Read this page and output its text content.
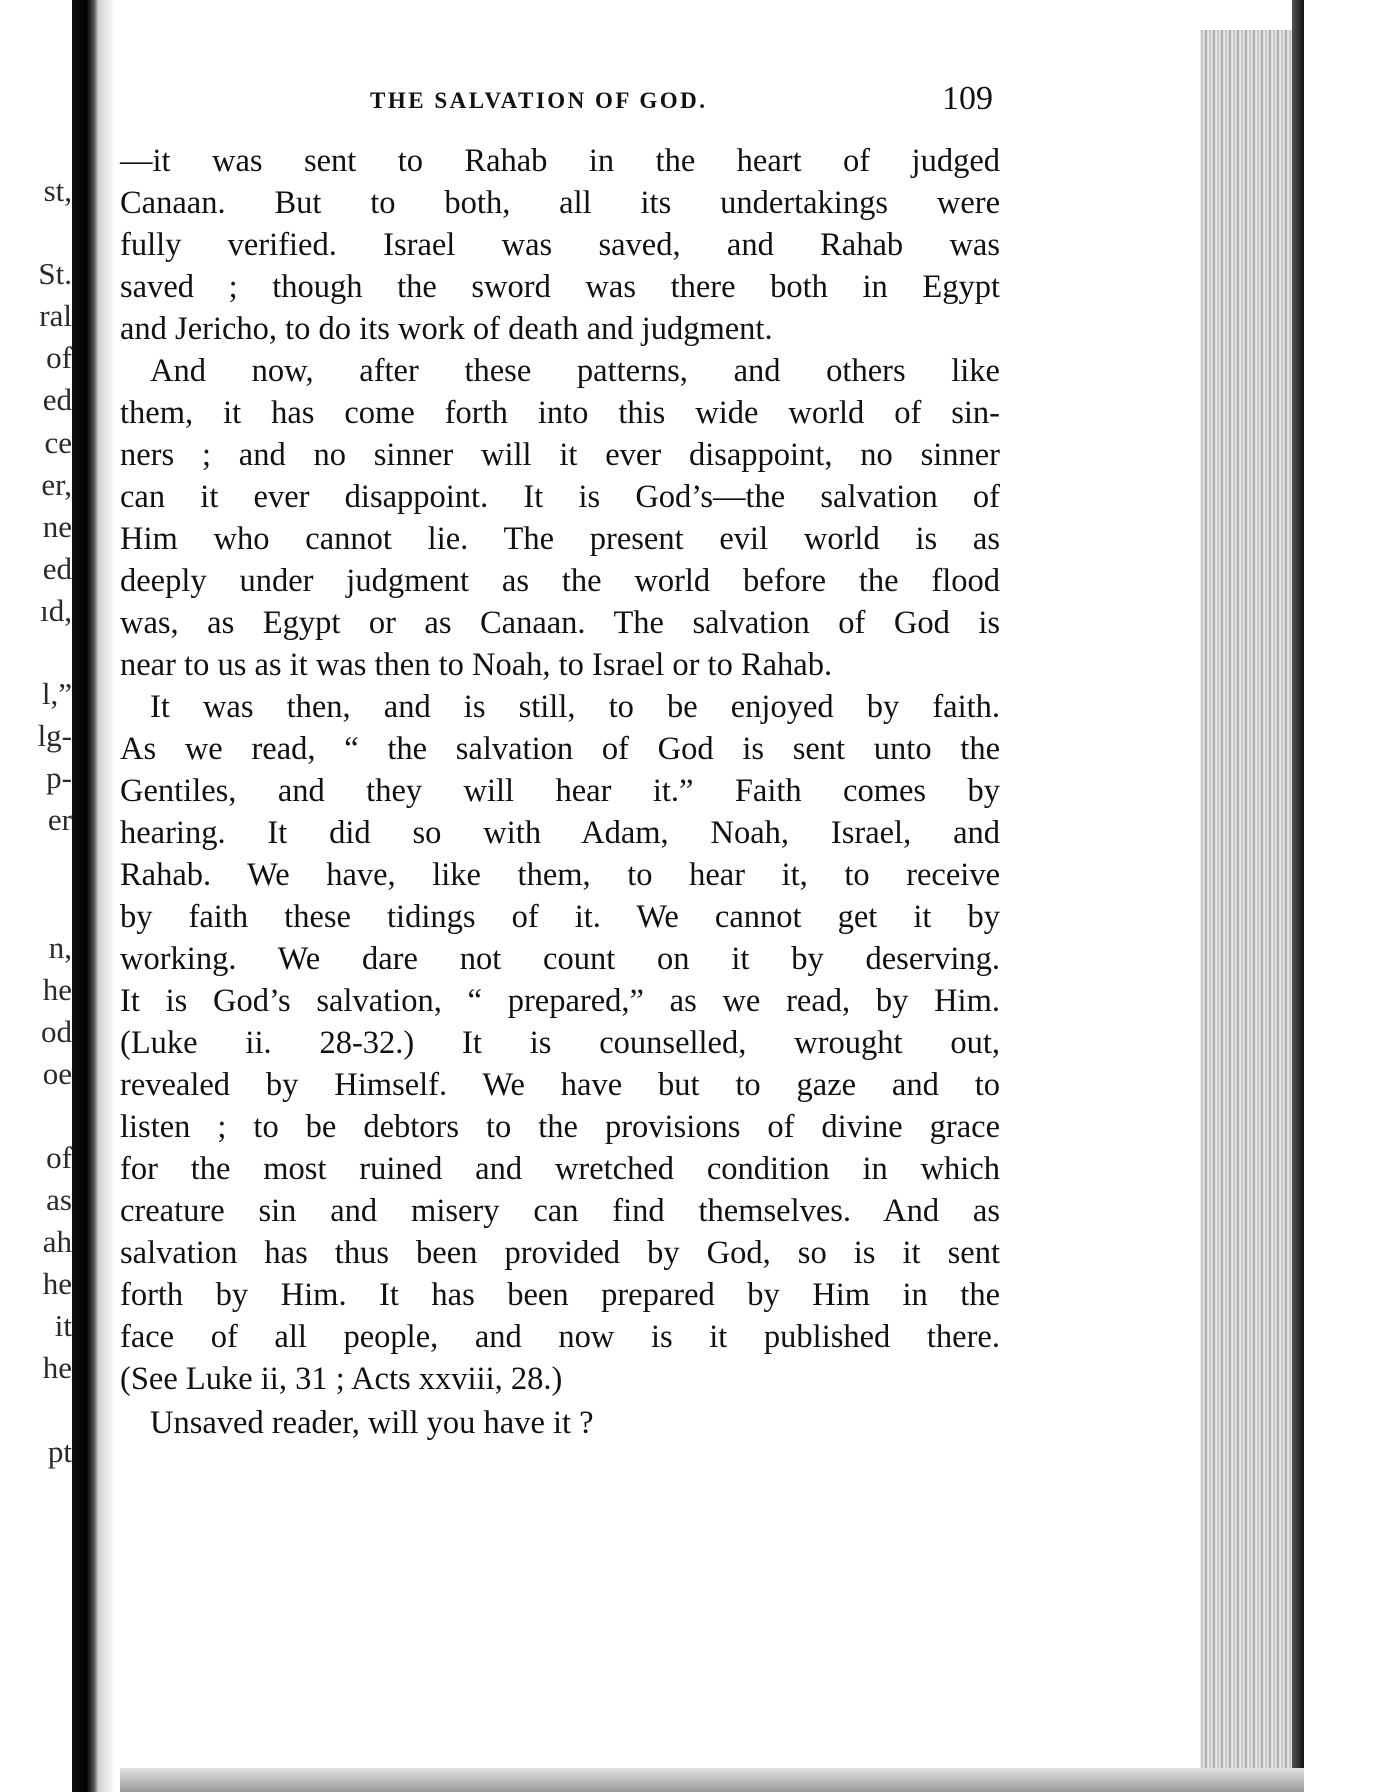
st,
St.
ral
of
ed
ce
er,
ne
ed
ıd,
l,”
lg-
p-
er
n,
he
od
oe
of
as
ah
he
it
he
pt
THE SALVATION OF GOD.	109
—it was sent to Rahab in the heart of judged
Canaan. But to both, all its undertakings were
fully verified. Israel was saved, and Rahab was
saved ; though the sword was there both in Egypt
and Jericho, to do its work of death and judgment.
And now, after these patterns, and others like
them, it has come forth into this wide world of sin-
ners ; and no sinner will it ever disappoint, no sinner
can it ever disappoint. It is God’s—the salvation of
Him who cannot lie. The present evil world is as
deeply under judgment as the world before the flood
was, as Egypt or as Canaan. The salvation of God is
near to us as it was then to Noah, to Israel or to Rahab.
It was then, and is still, to be enjoyed by faith.
As we read, “ the salvation of God is sent unto the
Gentiles, and they will hear it.” Faith comes by
hearing. It did so with Adam, Noah, Israel, and
Rahab. We have, like them, to hear it, to receive
by faith these tidings of it. We cannot get it by
working. We dare not count on it by deserving.
It is God’s salvation, “ prepared,” as we read, by Him.
(Luke ii. 28-32.) It is counselled, wrought out,
revealed by Himself. We have but to gaze and to
listen ; to be debtors to the provisions of divine grace
for the most ruined and wretched condition in which
creature sin and misery can find themselves. And as
salvation has thus been provided by God, so is it sent
forth by Him. It has been prepared by Him in the
face of all people, and now is it published there.
(See Luke ii, 31 ; Acts xxviii, 28.)
Unsaved reader, will you have it ?
